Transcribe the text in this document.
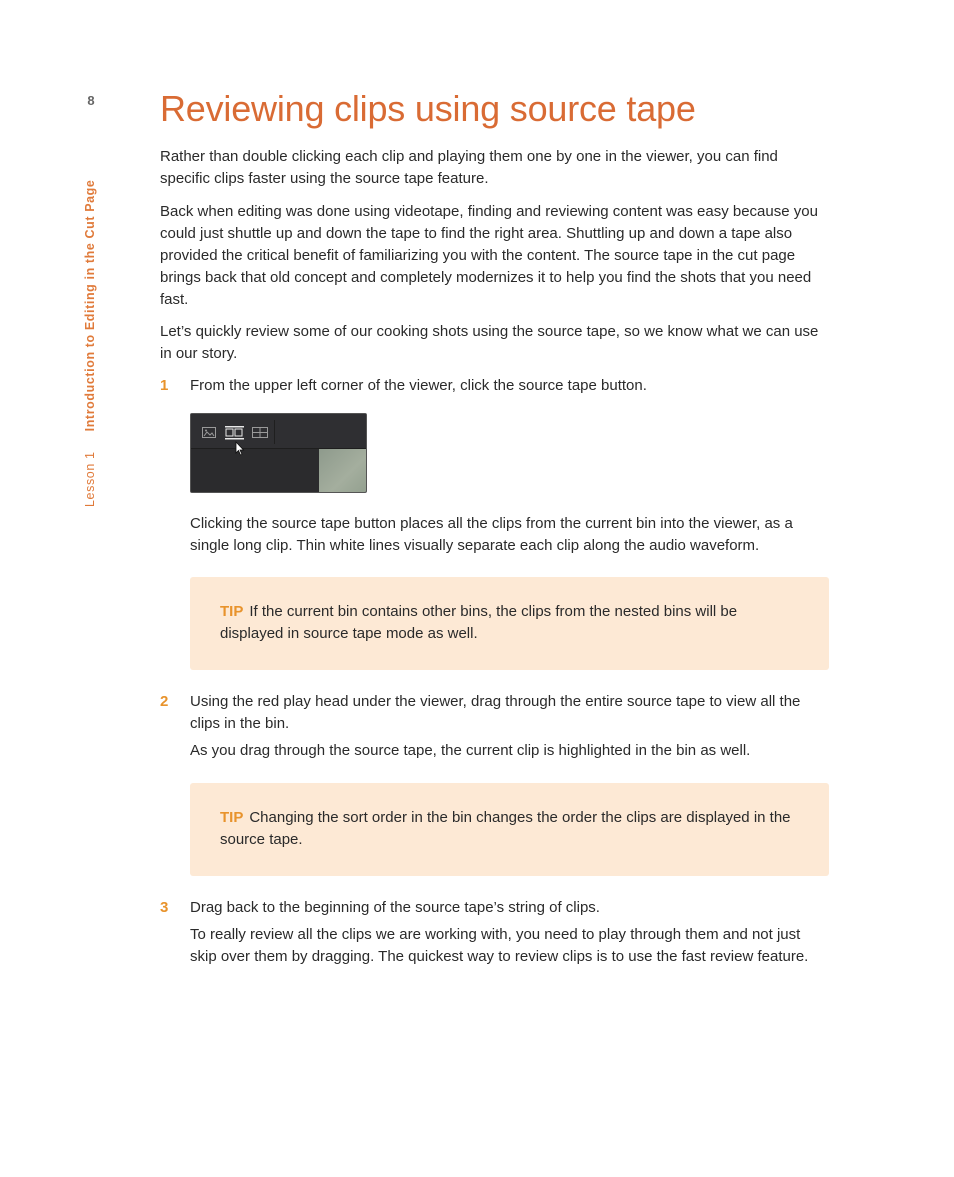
8
Lesson 1 Introduction to Editing in the Cut Page
Reviewing clips using source tape

Rather than double clicking each clip and playing them one by one in the viewer, you can find specific clips faster using the source tape feature.

Back when editing was done using videotape, finding and reviewing content was easy because you could just shuttle up and down the tape to find the right area. Shuttling up and down a tape also provided the critical benefit of familiarizing you with the content. The source tape in the cut page brings back that old concept and completely modernizes it to help you find the shots that you need fast.

Let’s quickly review some of our cooking shots using the source tape, so we know what we can use in our story.

1 From the upper left corner of the viewer, click the source tape button.

Clicking the source tape button places all the clips from the current bin into the viewer, as a single long clip. Thin white lines visually separate each clip along the audio waveform.

TIP If the current bin contains other bins, the clips from the nested bins will be displayed in source tape mode as well.

2 Using the red play head under the viewer, drag through the entire source tape to view all the clips in the bin.

As you drag through the source tape, the current clip is highlighted in the bin as well.

TIP Changing the sort order in the bin changes the order the clips are displayed in the source tape.

3 Drag back to the beginning of the source tape’s string of clips.

To really review all the clips we are working with, you need to play through them and not just skip over them by dragging. The quickest way to review clips is to use the fast review feature.
